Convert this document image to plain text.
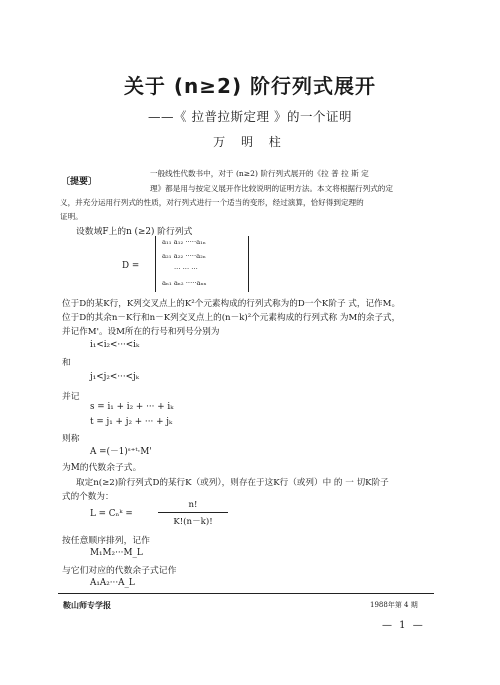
关于 (n≥2) 阶行列式展开
——《 拉普拉斯定理 》的一个证明
万 明 柱
〔提要〕
一般线性代数书中，对于 (n≥2) 阶行列式展开的《拉 普 拉 斯 定
理》都是用与按定义展开作比较说明的证明方法。本文将根据行列式的定
义，并充分运用行列式的性质，对行列式进行一个适当的变形，经过演算，恰好得到定理的
证明。
设数域F上的n (≥2) 阶行列式
D =
a₁₁ a₁₂ ·····a₁ₙ
a₂₁ a₂₂ ·····a₂ₙ
··· ··· ···
aₙ₁ aₙ₂ ·····aₙₙ
位于D的某K行，K列交叉点上的K²个元素构成的行列式称为的D一个K阶子 式，记作M。
位于D的其余n－K行和n－K列交叉点上的(n－k)²个元素构成的行列式称 为M的余子式，
并记作M'。设M所在的行号和列号分别为
i₁<i₂<···<iₖ
和
j₁<j₂<···<jₖ
并记
s = i₁ + i₂ + ··· + iₖ
t = j₁ + j₂ + ··· + jₖ
则称
A =(－1)ˢ⁺ᵗ·M'
为M的代数余子式。
取定n(≥2)阶行列式D的某行K（或列），则存在于这K行（或列）中 的 一 切K阶子
式的个数为：
L = Cₙᵏ =
n!
K!(n－k)!
按任意顺序排列，记作
M₁M₂···M_L
与它们对应的代数余子式记作
A₁A₂···A_L
鞍山师专学报	1988年第 4 期
— 1 —
